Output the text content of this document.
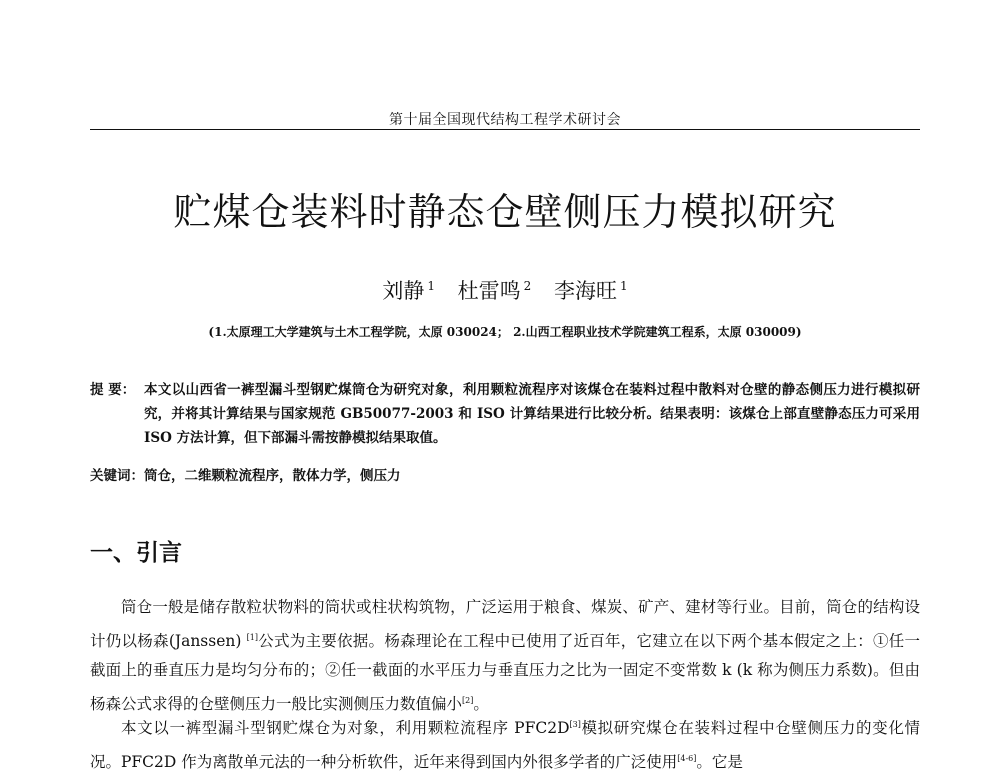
第十届全国现代结构工程学术研讨会
贮煤仓装料时静态仓壁侧压力模拟研究
刘静 $^1$ 杜雷鸣 $^2$ 李海旺 $^1$
(1.太原理工大学建筑与土木工程学院，太原 030024； 2.山西工程职业技术学院建筑工程系，太原 030009)
提 要： 本文以山西省一裤型漏斗型钢贮煤筒仓为研究对象，利用颗粒流程序对该煤仓在装料过程中散料对仓壁的静态侧压力进行模拟研究，并将其计算结果与国家规范 GB50077-2003 和 ISO 计算结果进行比较分析。结果表明：该煤仓上部直壁静态压力可采用 ISO 方法计算，但下部漏斗需按静模拟结果取值。
关键词：筒仓，二维颗粒流程序，散体力学，侧压力
一、引言

筒仓一般是储存散粒状物料的筒状或柱状构筑物，广泛运用于粮食、煤炭、矿产、建材等行业。目前，筒仓的结构设计仍以杨森(Janssen) [1]公式为主要依据。杨森理论在工程中已使用了近百年，它建立在以下两个基本假定之上：①任一截面上的垂直压力是均匀分布的；②任一截面的水平压力与垂直压力之比为一固定不变常数 k (k 称为侧压力系数)。但由杨森公式求得的仓壁侧压力一般比实测侧压力数值偏小[2]。

本文以一裤型漏斗型钢贮煤仓为对象，利用颗粒流程序 PFC2D[3]模拟研究煤仓在装料过程中仓壁侧压力的变化情况。PFC2D 作为离散单元法的一种分析软件，近年来得到国内外很多学者的广泛使用[4-6]。它是
